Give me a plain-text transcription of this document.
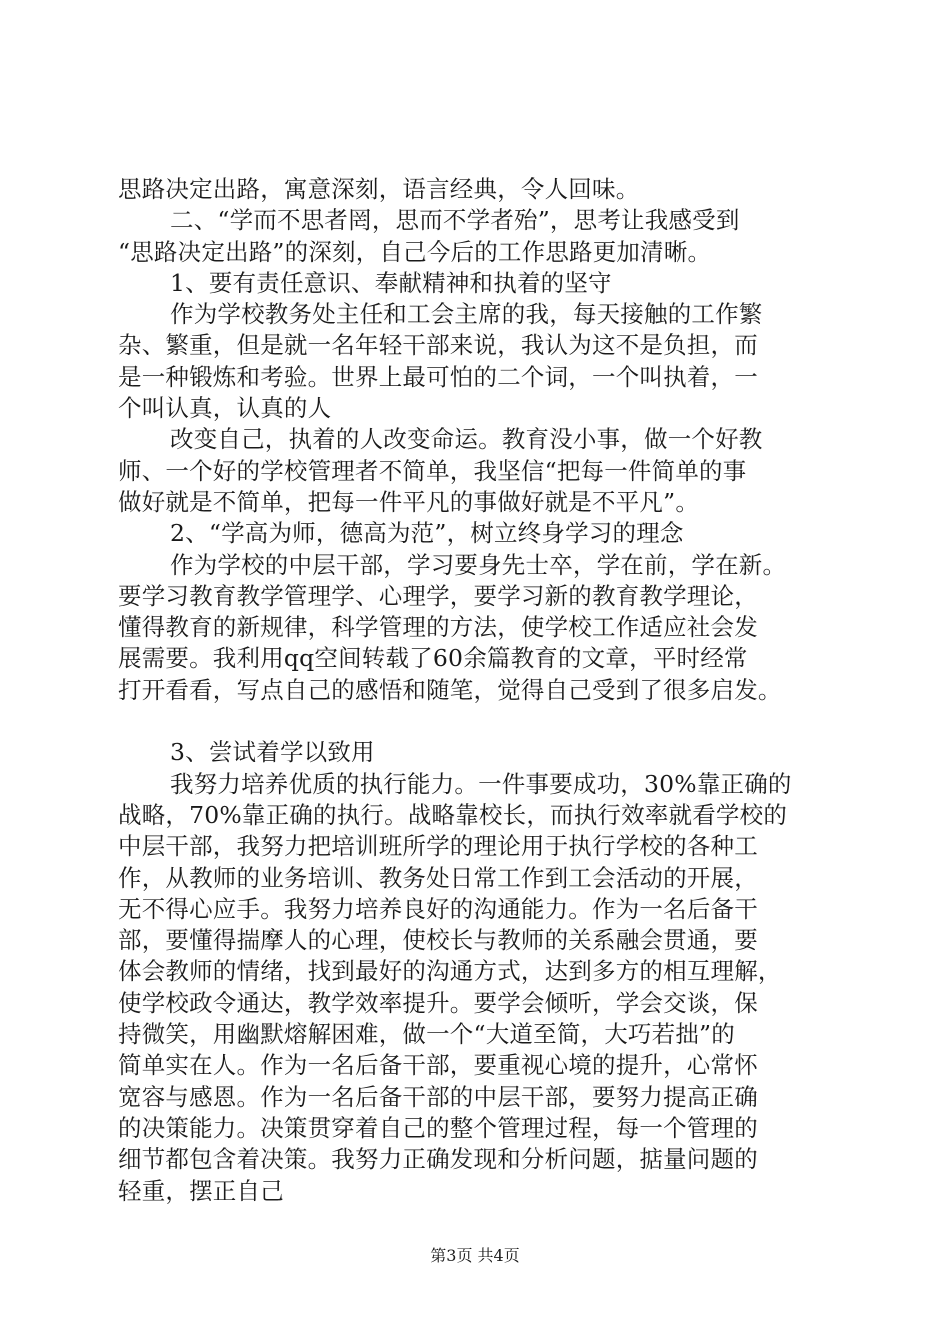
思路决定出路，寓意深刻，语言经典，令人回味。
二、“学而不思者罔，思而不学者殆”，思考让我感受到
“思路决定出路”的深刻，自己今后的工作思路更加清晰。
1、要有责任意识、奉献精神和执着的坚守
作为学校教务处主任和工会主席的我，每天接触的工作繁
杂、繁重，但是就一名年轻干部来说，我认为这不是负担，而
是一种锻炼和考验。世界上最可怕的二个词，一个叫执着，一
个叫认真，认真的人
改变自己，执着的人改变命运。教育没小事，做一个好教
师、一个好的学校管理者不简单，我坚信“把每一件简单的事
做好就是不简单，把每一件平凡的事做好就是不平凡”。
2、“学高为师，德高为范”，树立终身学习的理念
作为学校的中层干部，学习要身先士卒，学在前，学在新。
要学习教育教学管理学、心理学，要学习新的教育教学理论，
懂得教育的新规律，科学管理的方法，使学校工作适应社会发
展需要。我利用qq空间转载了60余篇教育的文章，平时经常
打开看看，写点自己的感悟和随笔，觉得自己受到了很多启发。
3、尝试着学以致用
我努力培养优质的执行能力。一件事要成功，30%靠正确的
战略，70%靠正确的执行。战略靠校长，而执行效率就看学校的
中层干部，我努力把培训班所学的理论用于执行学校的各种工
作，从教师的业务培训、教务处日常工作到工会活动的开展，
无不得心应手。我努力培养良好的沟通能力。作为一名后备干
部，要懂得揣摩人的心理，使校长与教师的关系融会贯通，要
体会教师的情绪，找到最好的沟通方式，达到多方的相互理解，
使学校政令通达，教学效率提升。要学会倾听，学会交谈，保
持微笑，用幽默熔解困难，做一个“大道至简，大巧若拙”的
简单实在人。作为一名后备干部，要重视心境的提升，心常怀
宽容与感恩。作为一名后备干部的中层干部，要努力提高正确
的决策能力。决策贯穿着自己的整个管理过程，每一个管理的
细节都包含着决策。我努力正确发现和分析问题，掂量问题的
轻重，摆正自己
第3页 共4页
